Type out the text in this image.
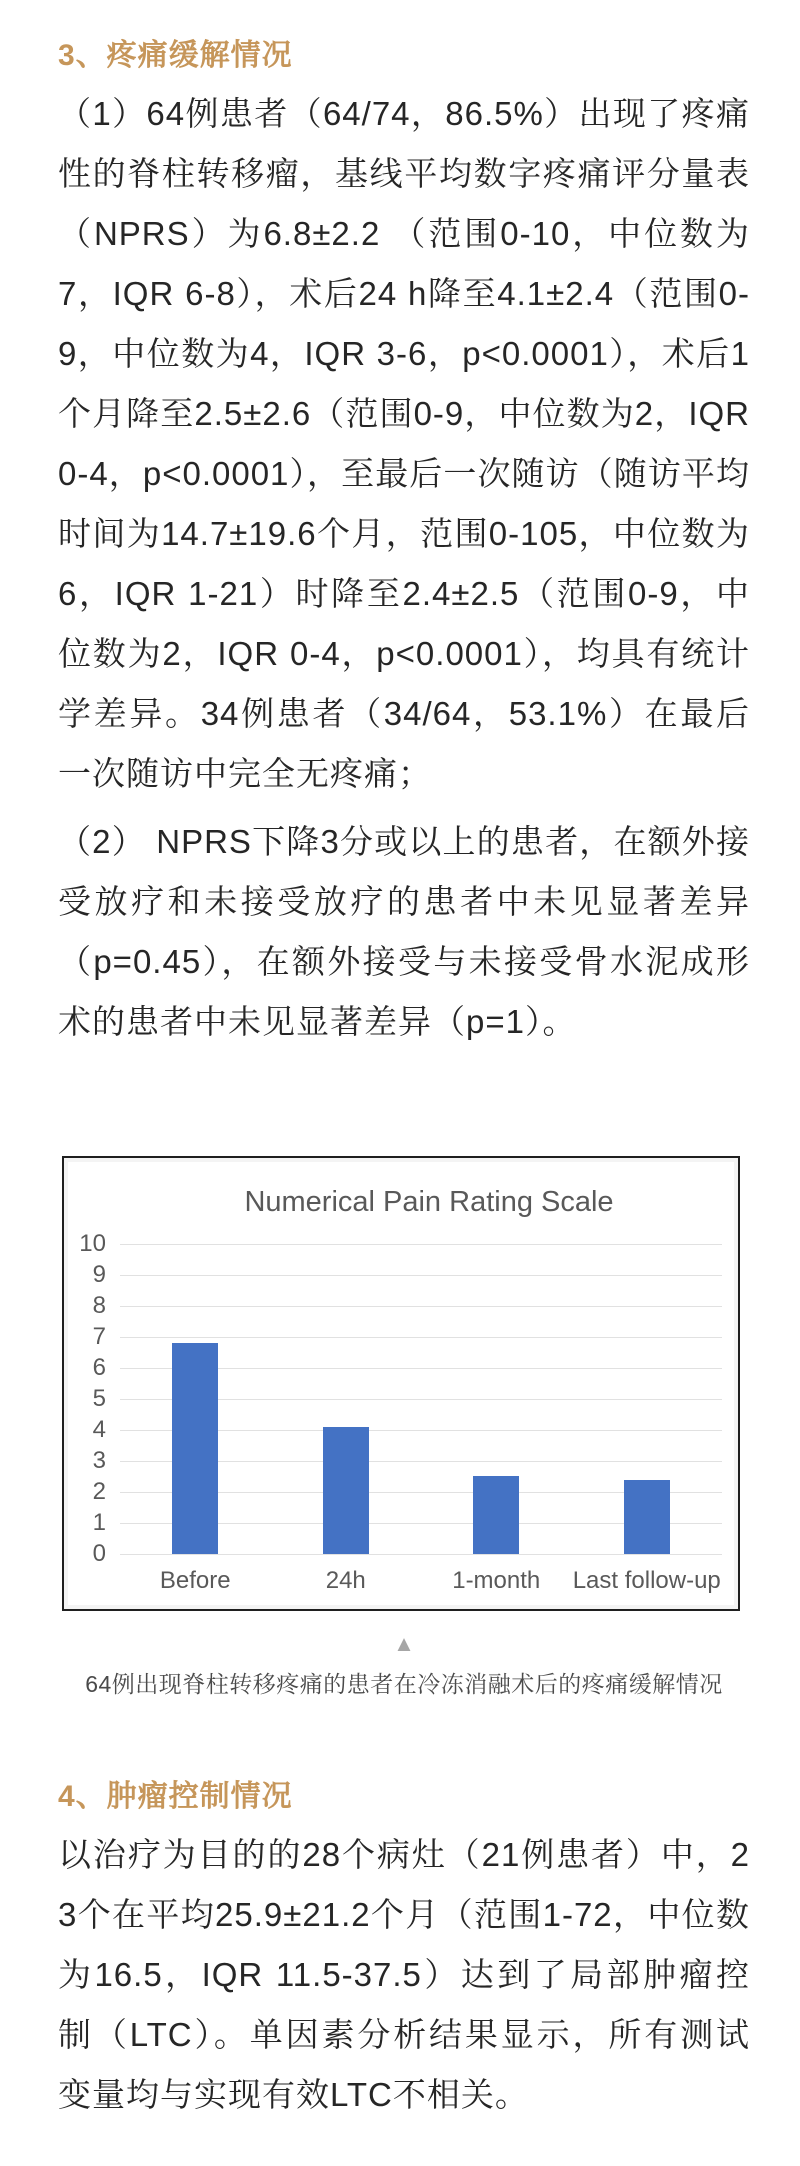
3、疼痛缓解情况

（1）64例患者（64/74，86.5%）出现了疼痛性的脊柱转移瘤，基线平均数字疼痛评分量表（NPRS）为6.8±2.2 （范围0-10，中位数为7，IQR 6-8），术后24 h降至4.1±2.4（范围0-9，中位数为4，IQR 3-6，p<0.0001），术后1个月降至2.5±2.6（范围0-9，中位数为2，IQR 0-4，p<0.0001），至最后一次随访（随访平均时间为14.7±19.6个月，范围0-105，中位数为6，IQR 1-21）时降至2.4±2.5（范围0-9，中位数为2，IQR 0-4，p<0.0001），均具有统计学差异。34例患者（34/64，53.1%）在最后一次随访中完全无疼痛；

（2） NPRS下降3分或以上的患者，在额外接受放疗和未接受放疗的患者中未见显著差异（p=0.45），在额外接受与未接受骨水泥成形术的患者中未见显著差异（p=1）。

Numerical Pain Rating Scale
0
1
2
3
4
5
6
7
8
9
10
Before	24h	1-month	Last follow-up
▲
64例出现脊柱转移疼痛的患者在冷冻消融术后的疼痛缓解情况
4、肿瘤控制情况

以治疗为目的的28个病灶（21例患者）中，23个在平均25.9±21.2个月（范围1-72，中位数为16.5，IQR 11.5-37.5）达到了局部肿瘤控制（LTC）。单因素分析结果显示，所有测试变量均与实现有效LTC不相关。
